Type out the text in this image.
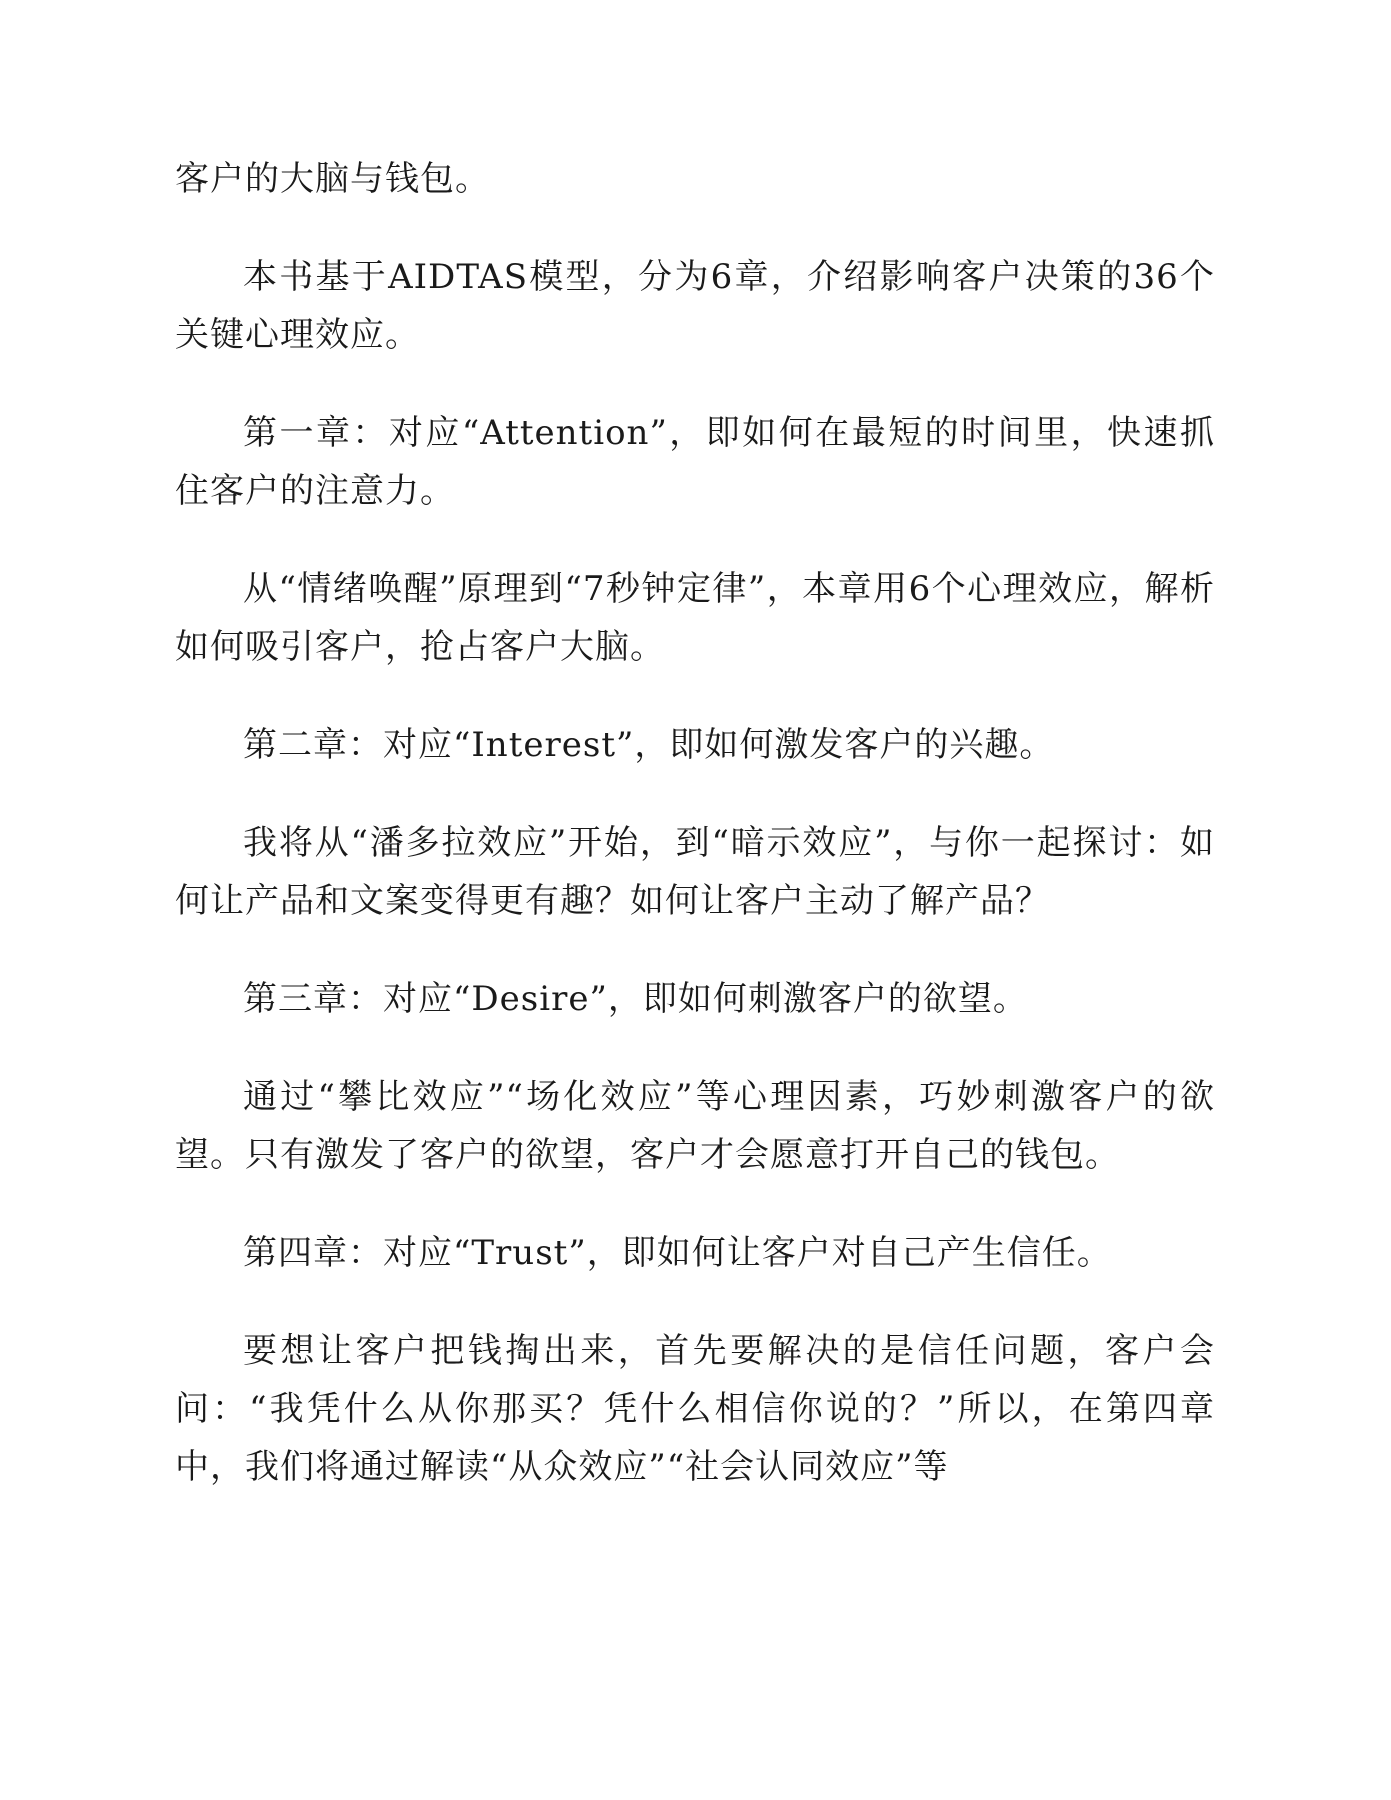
客户的大脑与钱包。

本书基于AIDTAS模型，分为6章，介绍影响客户决策的36个关键心理效应。

第一章：对应“Attention”，即如何在最短的时间里，快速抓住客户的注意力。

从“情绪唤醒”原理到“7秒钟定律”，本章用6个心理效应，解析如何吸引客户，抢占客户大脑。

第二章：对应“Interest”，即如何激发客户的兴趣。

我将从“潘多拉效应”开始，到“暗示效应”，与你一起探讨：如何让产品和文案变得更有趣？如何让客户主动了解产品？

第三章：对应“Desire”，即如何刺激客户的欲望。

通过“攀比效应”“场化效应”等心理因素，巧妙刺激客户的欲望。只有激发了客户的欲望，客户才会愿意打开自己的钱包。

第四章：对应“Trust”，即如何让客户对自己产生信任。

要想让客户把钱掏出来，首先要解决的是信任问题，客户会问：“我凭什么从你那买？凭什么相信你说的？”所以，在第四章中，我们将通过解读“从众效应”“社会认同效应”等
